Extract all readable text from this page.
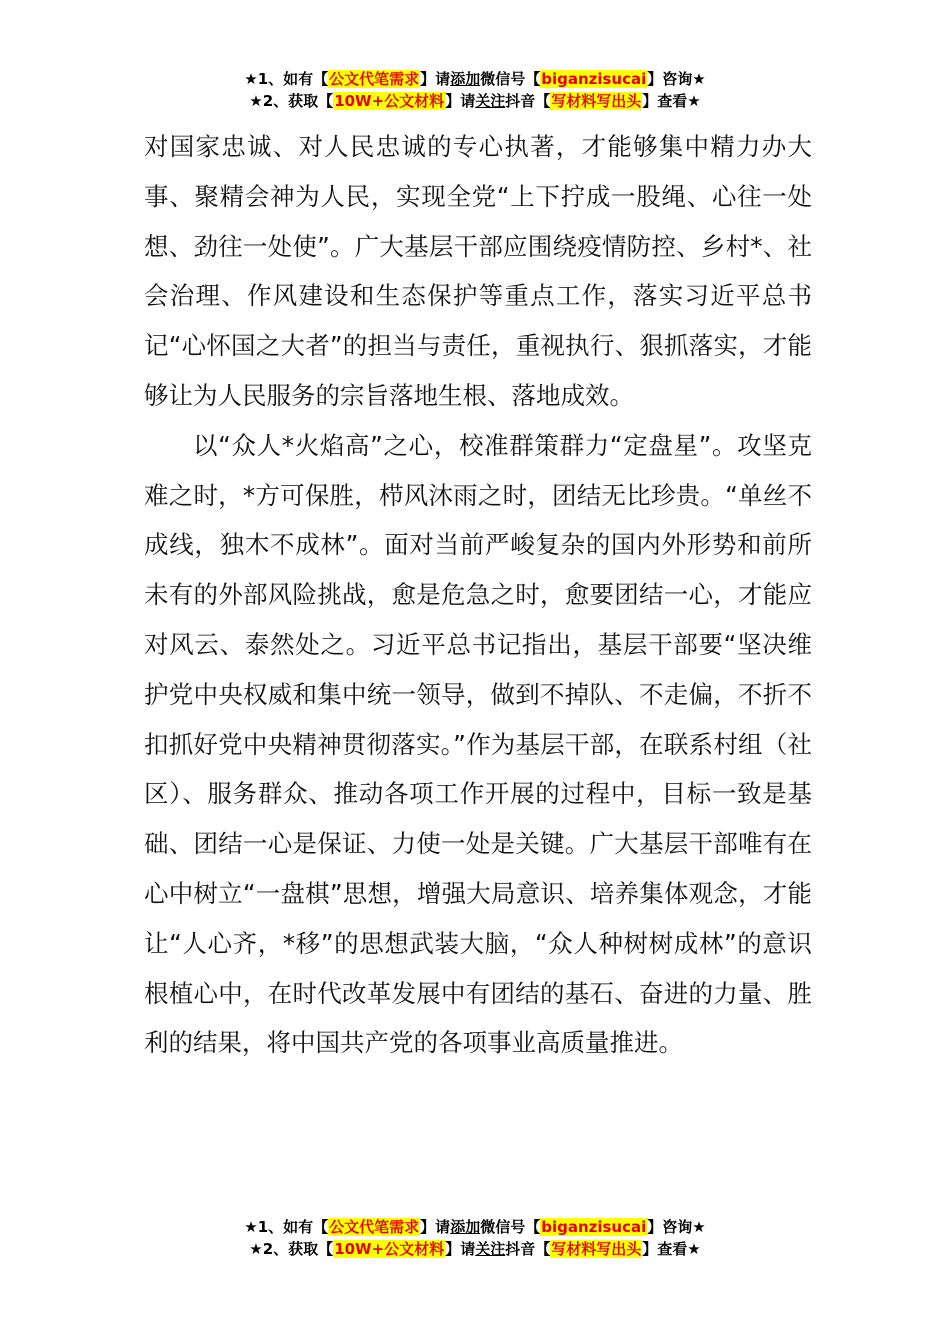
★1、如有【公文代笔需求】请添加微信号【biganzisucai】咨询★
★2、获取【10W+公文材料】请关注抖音【写材料写出头】查看★

对国家忠诚、对人民忠诚的专心执著，才能够集中精力办大事、聚精会神为人民，实现全党“上下拧成一股绳、心往一处想、劲往一处使”。广大基层干部应围绕疫情防控、乡村*、社会治理、作风建设和生态保护等重点工作，落实习近平总书记“心怀国之大者”的担当与责任，重视执行、狠抓落实，才能够让为人民服务的宗旨落地生根、落地成效。

以“众人*火焰高”之心，校准群策群力“定盘星”。攻坚克难之时，*方可保胜，栉风沐雨之时，团结无比珍贵。“单丝不成线，独木不成林”。面对当前严峻复杂的国内外形势和前所未有的外部风险挑战，愈是危急之时，愈要团结一心，才能应对风云、泰然处之。习近平总书记指出，基层干部要“坚决维护党中央权威和集中统一领导，做到不掉队、不走偏，不折不扣抓好党中央精神贯彻落实。”作为基层干部，在联系村组（社区）、服务群众、推动各项工作开展的过程中，目标一致是基础、团结一心是保证、力使一处是关键。广大基层干部唯有在心中树立“一盘棋”思想，增强大局意识、培养集体观念，才能让“人心齐，*移”的思想武装大脑，“众人种树树成林”的意识根植心中，在时代改革发展中有团结的基石、奋进的力量、胜利的结果，将中国共产党的各项事业高质量推进。

★1、如有【公文代笔需求】请添加微信号【biganzisucai】咨询★
★2、获取【10W+公文材料】请关注抖音【写材料写出头】查看★
